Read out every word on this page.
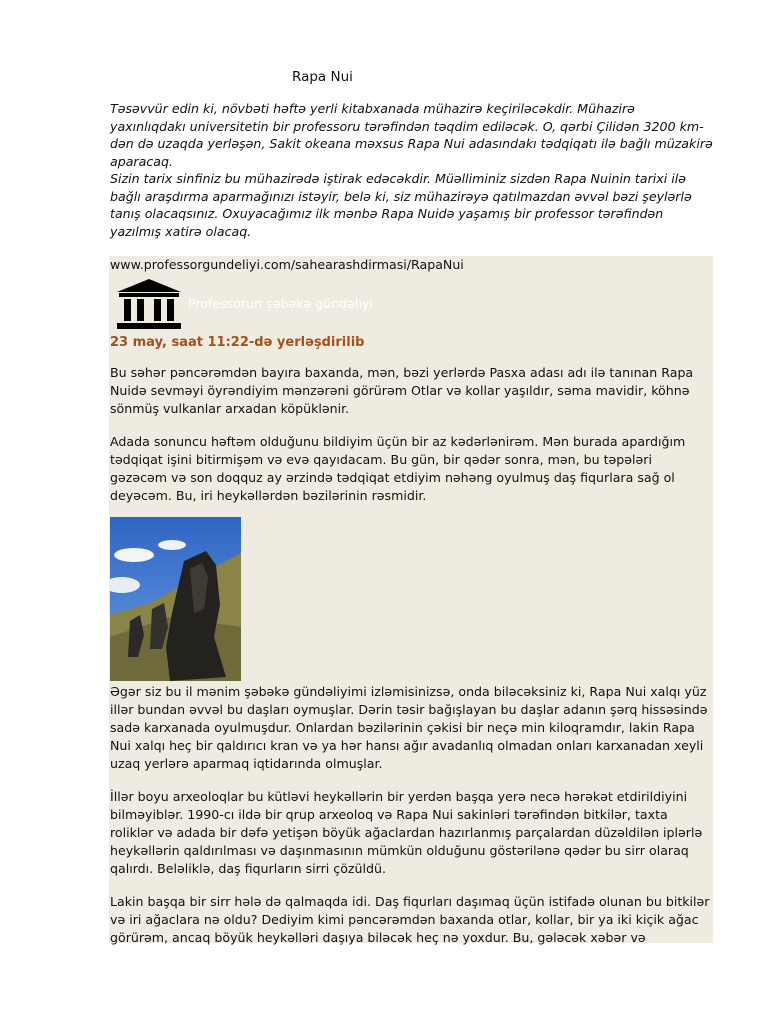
Rapa Nui

Təsəvvür edin ki, növbəti həftə yerli kitabxanada mühazirə keçiriləcəkdir. Mühazirə yaxınlıqdakı universitetin bir professoru tərəfindən təqdim ediləcək. O, qərbi Çilidən 3200 km-dən də uzaqda yerləşən, Sakit okeana məxsus Rapa Nui adasındakı tədqiqatı ilə bağlı müzakirə aparacaq.

Sizin tarix sinfiniz bu mühazirədə iştirak edəcəkdir. Müəlliminiz sizdən Rapa Nuinin tarixi ilə bağlı araşdırma aparmağınızı istəyir, belə ki, siz mühazirəyə qatılmazdan əvvəl bəzi şeylərlə tanış olacaqsınız. Oxuyacağımız ilk mənbə Rapa Nuidə yaşamış bir professor tərəfindən yazılmış xatirə olacaq.

www.professorgundeliyi.com/sahearashdirmasi/RapaNui
Professorun şəbəkə gündəliyi
23 may, saat 11:22-də yerləşdirilib

Bu səhər pəncərəmdən bayıra baxanda, mən, bəzi yerlərdə Pasxa adası adı ilə tanınan Rapa Nuidə sevməyi öyrəndiyim mənzərəni görürəm Otlar və kollar yaşıldır, səma mavidir, köhnə sönmüş vulkanlar arxadan köpüklənir.

Adada sonuncu həftəm olduğunu bildiyim üçün bir az kədərlənirəm. Mən burada apardığım tədqiqat işini bitirmişəm və evə qayıdacam. Bu gün, bir qədər sonra, mən, bu təpələri gəzəcəm və son doqquz ay ərzində tədqiqat etdiyim nəhəng oyulmuş daş fiqurlara sağ ol deyəcəm. Bu, iri heykəllərdən bəzilərinin rəsmidir.

Əgər siz bu il mənim şəbəkə gündəliyimi izləmisinizsə, onda biləcəksiniz ki, Rapa Nui xalqı yüz illər bundan əvvəl bu daşları oymuşlar. Dərin təsir bağışlayan bu daşlar adanın şərq hissəsində sadə karxanada oyulmuşdur. Onlardan bəzilərinin çəkisi bir neçə min kiloqramdır, lakin Rapa Nui xalqı heç bir qaldırıcı kran və ya hər hansı ağır avadanlıq olmadan onları karxanadan xeyli uzaq yerlərə aparmaq iqtidarında olmuşlar.

İllər boyu arxeoloqlar bu kütləvi heykəllərin bir yerdən başqa yerə necə hərəkət etdirildiyini bilməyiblər. 1990-cı ildə bir qrup arxeoloq və Rapa Nui sakinləri tərəfindən bitkilər, taxta roliklər və adada bir dəfə yetişən böyük ağaclardan hazırlanmış parçalardan düzəldilən iplərlə heykəllərin qaldırılması və daşınmasının mümkün olduğunu göstərilənə qədər bu sirr olaraq qalırdı. Beləliklə, daş fiqurların sirri çözüldü.

Lakin başqa bir sirr hələ də qalmaqda idi. Daş fiqurları daşımaq üçün istifadə olunan bu bitkilər və iri ağaclara nə oldu? Dediyim kimi pəncərəmdən baxanda otlar, kollar, bir ya iki kiçik ağac görürəm, ancaq böyük heykəlləri daşıya biləcək heç nə yoxdur. Bu, gələcək xəbər və
